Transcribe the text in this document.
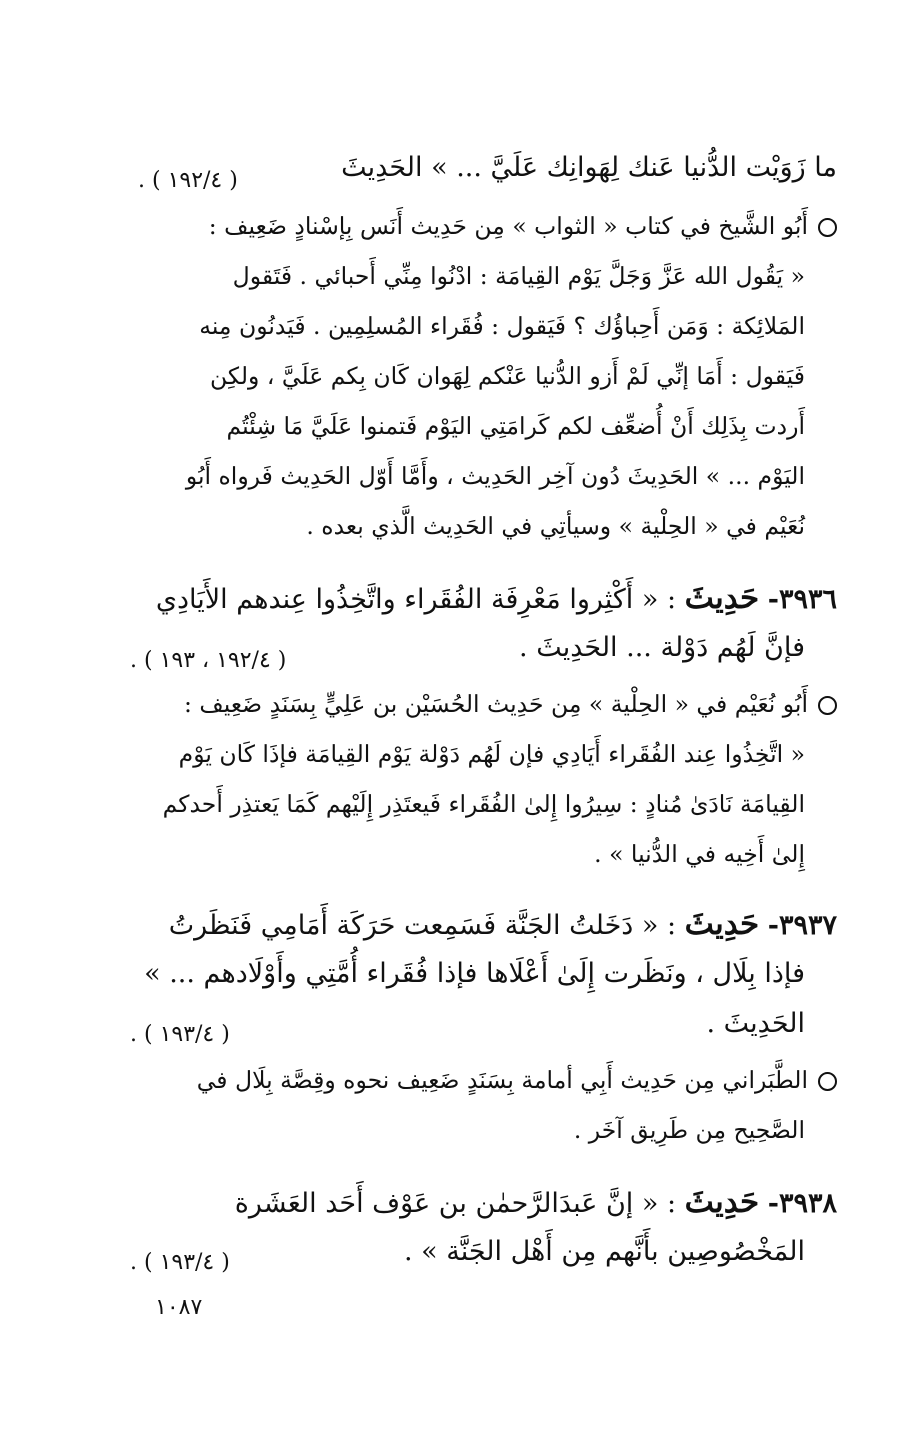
ما زَوَيْت الدُّنيا عَنك لِهَوانِك عَلَيَّ ... » الحَدِيثَ
( ١٩٢/٤ ) .
أَبُو الشَّيخ في كتاب « الثواب » مِن حَدِيث أَنَس بِإسْنادٍ ضَعِيف :
« يَقُول الله عَزَّ وَجَلَّ يَوْم القِيامَة : ادْنُوا مِنِّي أَحبائي . فَتَقول
المَلائِكة : وَمَن أَحِباؤُك ؟ فَيَقول : فُقَراء المُسلِمِين . فَيَدنُون مِنه
فَيَقول : أَمَا إنِّي لَمْ أَزو الدُّنيا عَنْكم لِهَوان كَان بِكم عَلَيَّ ، ولكِن
أَردت بِذَلِك أَنْ أُضعِّف لكم كَرامَتِي اليَوْم فَتمنوا عَلَيَّ مَا شِئْتُم
اليَوْم ... » الحَدِيثَ دُون آخِر الحَدِيث ، وأَمَّا أَوّل الحَدِيث فَرواه أَبُو
نُعَيْم في « الحِلْية » وسيأتِي في الحَدِيث الَّذي بعده .
٣٩٣٦- حَدِيثَ : « أَكْثِروا مَعْرِفَة الفُقَراء واتَّخِذُوا عِندهم الأَيَادِي
فإنَّ لَهُم دَوْلة ... الحَدِيثَ .
( ١٩٢/٤ ، ١٩٣ ) .
أَبُو نُعَيْم في « الحِلْية » مِن حَدِيث الحُسَيْن بن عَلِيٍّ بِسَنَدٍ ضَعِيف :
« اتَّخِذُوا عِند الفُقَراء أَيَادِي فإن لَهُم دَوْلة يَوْم القِيامَة فإذَا كَان يَوْم
القِيامَة نَادَىٰ مُنادٍ : سِيرُوا إِلىٰ الفُقَراء فَيعتَذِر إِلَيْهم كَمَا يَعتذِر أَحدكم
إِلىٰ أَخِيه في الدُّنيا » .
٣٩٣٧- حَدِيثَ : « دَخَلتُ الجَنَّة فَسَمِعت حَرَكَة أَمَامِي فَنَظَرتُ
فإذا بِلَال ، ونَظَرت إِلَىٰ أَعْلَاها فإذا فُقَراء أُمَّتِي وأَوْلَادهم ... »
الحَدِيثَ .
( ١٩٣/٤ ) .
الطَّبَراني مِن حَدِيث أَبِي أمامة بِسَنَدٍ ضَعِيف نحوه وقِصَّة بِلَال في
الصَّحِيح مِن طَرِيق آخَر .
٣٩٣٨- حَدِيثَ : « إنَّ عَبدَالرَّحمٰن بن عَوْف أَحَد العَشَرة
المَخْصُوصِين بأَنَّهم مِن أَهْل الجَنَّة » .
( ١٩٣/٤ ) .
١٠٨٧
